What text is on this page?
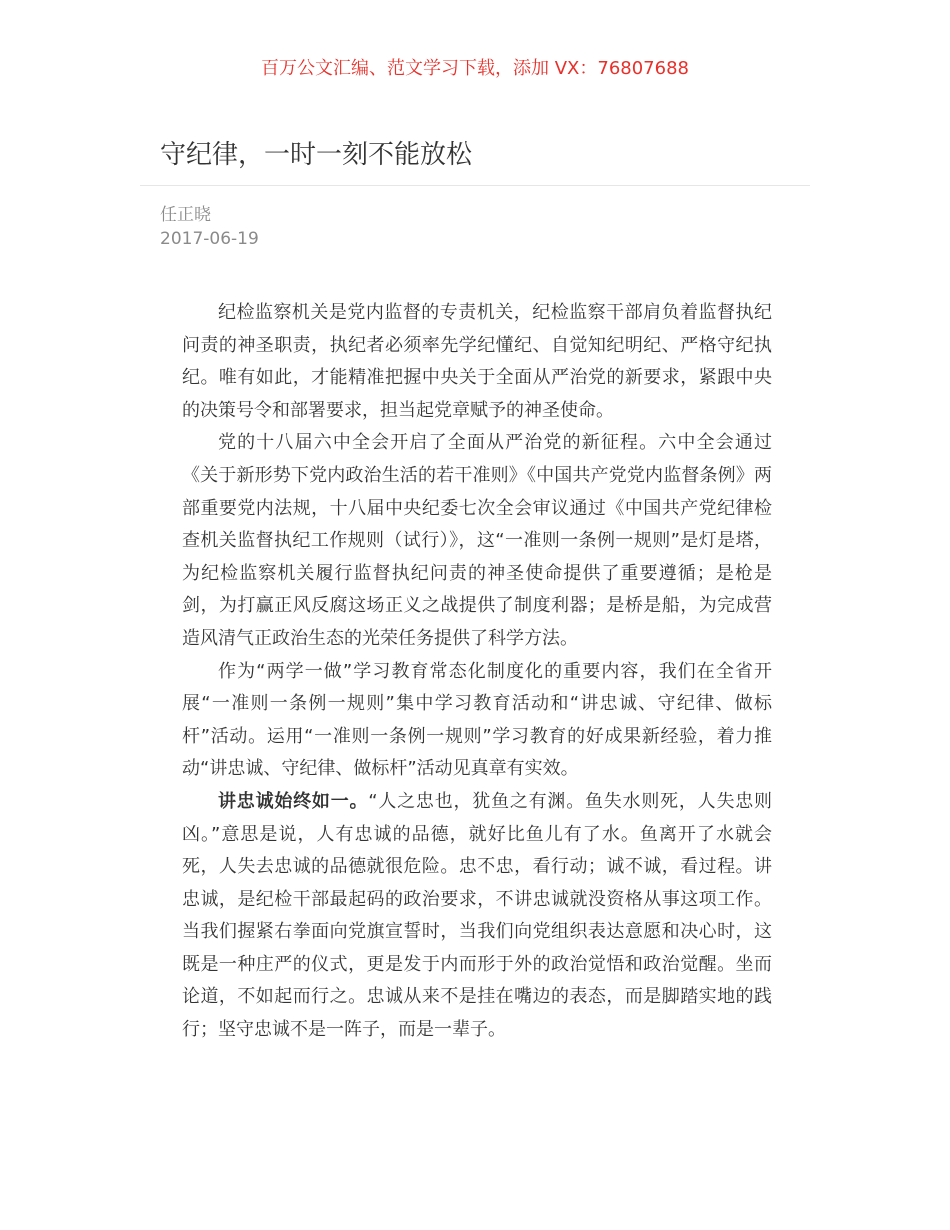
百万公文汇编、范文学习下载，添加 VX：76807688
守纪律，一时一刻不能放松
任正晓
2017-06-19

纪检监察机关是党内监督的专责机关，纪检监察干部肩负着监督执纪问责的神圣职责，执纪者必须率先学纪懂纪、自觉知纪明纪、严格守纪执纪。唯有如此，才能精准把握中央关于全面从严治党的新要求，紧跟中央的决策号令和部署要求，担当起党章赋予的神圣使命。

党的十八届六中全会开启了全面从严治党的新征程。六中全会通过《关于新形势下党内政治生活的若干准则》《中国共产党党内监督条例》两部重要党内法规，十八届中央纪委七次全会审议通过《中国共产党纪律检查机关监督执纪工作规则（试行）》，这“一准则一条例一规则”是灯是塔，为纪检监察机关履行监督执纪问责的神圣使命提供了重要遵循；是枪是剑，为打赢正风反腐这场正义之战提供了制度利器；是桥是船，为完成营造风清气正政治生态的光荣任务提供了科学方法。

作为“两学一做”学习教育常态化制度化的重要内容，我们在全省开展“一准则一条例一规则”集中学习教育活动和“讲忠诚、守纪律、做标杆”活动。运用“一准则一条例一规则”学习教育的好成果新经验，着力推动“讲忠诚、守纪律、做标杆”活动见真章有实效。

讲忠诚始终如一。“人之忠也，犹鱼之有渊。鱼失水则死，人失忠则凶。”意思是说，人有忠诚的品德，就好比鱼儿有了水。鱼离开了水就会死，人失去忠诚的品德就很危险。忠不忠，看行动；诚不诚，看过程。讲忠诚，是纪检干部最起码的政治要求，不讲忠诚就没资格从事这项工作。当我们握紧右拳面向党旗宣誓时，当我们向党组织表达意愿和决心时，这既是一种庄严的仪式，更是发于内而形于外的政治觉悟和政治觉醒。坐而论道，不如起而行之。忠诚从来不是挂在嘴边的表态，而是脚踏实地的践行；坚守忠诚不是一阵子，而是一辈子。
